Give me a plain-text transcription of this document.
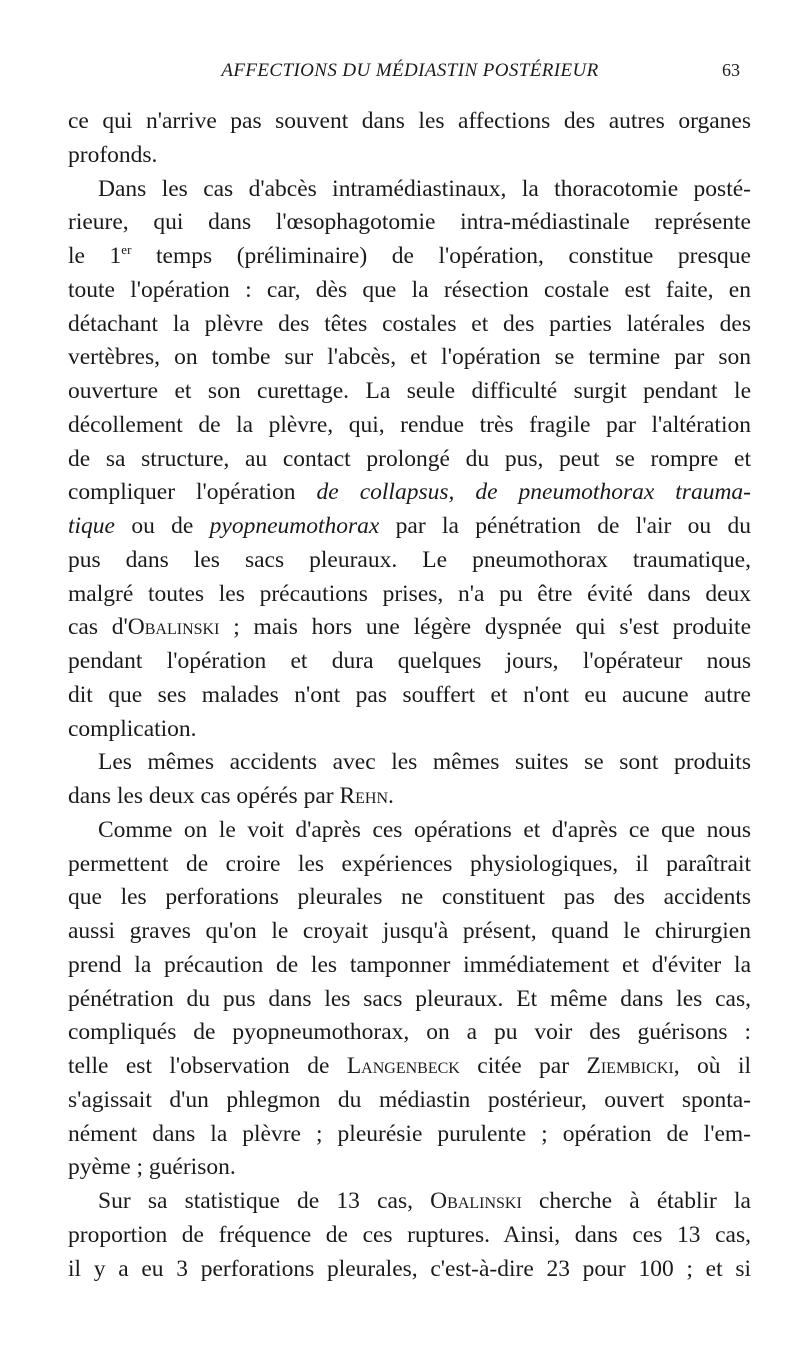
AFFECTIONS DU MÉDIASTIN POSTÉRIEUR	63
ce qui n'arrive pas souvent dans les affections des autres organes
profonds.
Dans les cas d'abcès intramédiastinaux, la thoracotomie posté-
rieure, qui dans l'œsophagotomie intra-médiastinale représente
le 1er temps (préliminaire) de l'opération, constitue presque
toute l'opération : car, dès que la résection costale est faite, en
détachant la plèvre des têtes costales et des parties latérales des
vertèbres, on tombe sur l'abcès, et l'opération se termine par son
ouverture et son curettage. La seule difficulté surgit pendant le
décollement de la plèvre, qui, rendue très fragile par l'altération
de sa structure, au contact prolongé du pus, peut se rompre et
compliquer l'opération de collapsus, de pneumothorax trauma-
tique ou de pyopneumothorax par la pénétration de l'air ou du
pus dans les sacs pleuraux. Le pneumothorax traumatique,
malgré toutes les précautions prises, n'a pu être évité dans deux
cas d'Obalinski ; mais hors une légère dyspnée qui s'est produite
pendant l'opération et dura quelques jours, l'opérateur nous
dit que ses malades n'ont pas souffert et n'ont eu aucune autre
complication.
Les mêmes accidents avec les mêmes suites se sont produits
dans les deux cas opérés par Rehn.
Comme on le voit d'après ces opérations et d'après ce que nous
permettent de croire les expériences physiologiques, il paraîtrait
que les perforations pleurales ne constituent pas des accidents
aussi graves qu'on le croyait jusqu'à présent, quand le chirurgien
prend la précaution de les tamponner immédiatement et d'éviter la
pénétration du pus dans les sacs pleuraux. Et même dans les cas,
compliqués de pyopneumothorax, on a pu voir des guérisons :
telle est l'observation de Langenbeck citée par Ziembicki, où il
s'agissait d'un phlegmon du médiastin postérieur, ouvert sponta-
nément dans la plèvre ; pleurésie purulente ; opération de l'em-
pyème ; guérison.
Sur sa statistique de 13 cas, Obalinski cherche à établir la
proportion de fréquence de ces ruptures. Ainsi, dans ces 13 cas,
il y a eu 3 perforations pleurales, c'est-à-dire 23 pour 100 ; et si
